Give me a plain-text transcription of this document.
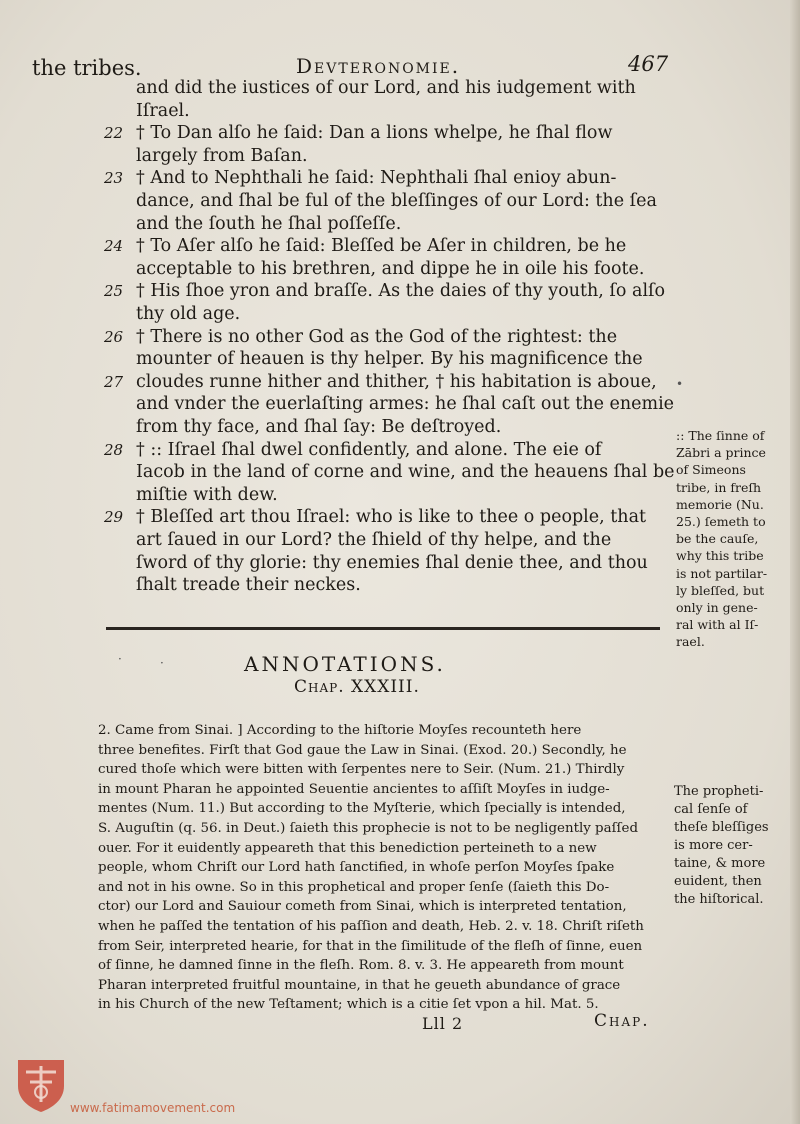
the tribes.	Devteronomie.	467
and did the iustices of our Lord, and his iudgement with
Iſrael.
22 † To Dan alſo he ſaid: Dan a lions whelpe, he ſhal flow
largely from Baſan.
23 † And to Nephthali he ſaid: Nephthali ſhal enioy abun-
dance, and ſhal be ful of the bleſſinges of our Lord: the ſea
and the ſouth he ſhal poſſeſſe.
24 † To Aſer alſo he ſaid: Bleſſed be Aſer in children, be he
acceptable to his brethren, and dippe he in oile his foote.
25 † His ſhoe yron and braſſe. As the daies of thy youth, ſo alſo
thy old age.
26 † There is no other God as the God of the rightest: the
mounter of heauen is thy helper. By his magnificence the
27 cloudes runne hither and thither, † his habitation is aboue,
and vnder the euerlaſting armes: he ſhal caſt out the enemie
from thy face, and ſhal ſay: Be deſtroyed.
28 † :: Iſrael ſhal dwel confidently, and alone. The eie of
Iacob in the land of corne and wine, and the heauens ſhal be
miſtie with dew.
29 † Bleſſed art thou Iſrael: who is like to thee o people, that
art ſaued in our Lord? the ſhield of thy helpe, and the
ſword of thy glorie: thy enemies ſhal denie thee, and thou
ſhalt treade their neckes.
:: The ſinne of
Zābri a prince
of Simeons
tribe, in freſh
memorie (Nu.
25.) ſemeth to
be the cauſe,
why this tribe
is not partilar-
ly bleſſed, but
only in gene-
ral with al Iſ-
rael.
ANNOTATIONS.
Chap. XXXIII.
2. Came from Sinai. ] According to the hiſtorie Moyſes recounteth here
three benefites. Firſt that God gaue the Law in Sinai. (Exod. 20.) Secondly, he
cured thoſe which were bitten with ſerpentes nere to Seir. (Num. 21.) Thirdly
in mount Pharan he appointed Seuentie ancientes to aſſiſt Moyſes in iudge-
mentes (Num. 11.) But according to the Myſterie, which ſpecially is intended,
S. Auguſtin (q. 56. in Deut.) ſaieth this prophecie is not to be negligently paſſed
ouer. For it euidently appeareth that this benediction perteineth to a new
people, whom Chriſt our Lord hath ſanctified, in whoſe perſon Moyſes ſpake
and not in his owne. So in this prophetical and proper ſenſe (ſaieth this Do-
ctor) our Lord and Sauiour cometh from Sinai, which is interpreted tentation,
when he paſſed the tentation of his paſſion and death, Heb. 2. v. 18. Chriſt riſeth
from Seir, interpreted hearie, for that in the ſimilitude of the fleſh of ſinne, euen
of ſinne, he damned ſinne in the fleſh. Rom. 8. v. 3. He appeareth from mount
Pharan interpreted fruitful mountaine, in that he geueth abundance of grace
in his Church of the new Teſtament; which is a citie ſet vpon a hil. Mat. 5.
The propheti-
cal ſenſe of
theſe bleſſiges
is more cer-
taine, & more
euident, then
the hiſtorical.
Lll 2	Chap.
•
·	·
www.fatimamovement.com
